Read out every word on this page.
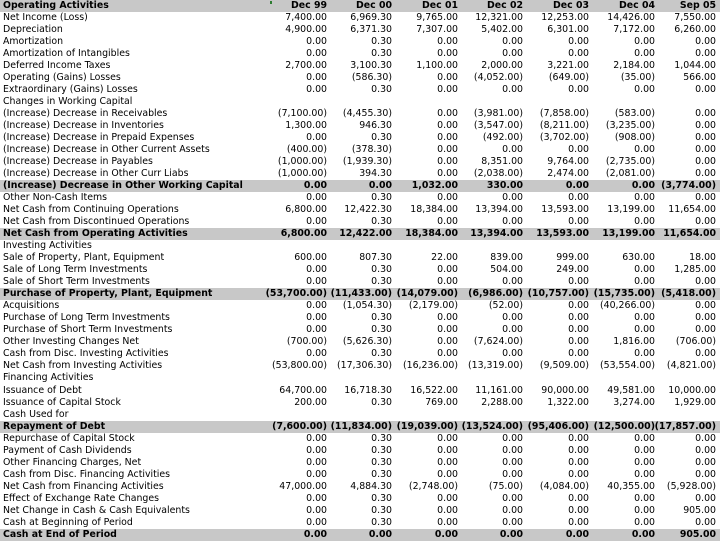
Operating Activities	Dec 99	Dec 00	Dec 01	Dec 02	Dec 03	Dec 04	Sep 05
Net Income (Loss)	7,400.00 6,969.30	9,765.00 12,321.00 12,253.00 14,426.00 7,550.00
Depreciation	4,900.00 6,371.30	7,307.00 5,402.00	6,301.00	7,172.00 6,260.00
Amortization	0.00	0.30	0.00	0.00	0.00	0.00	0.00
Amortization of Intangibles	0.00	0.30	0.00	0.00	0.00	0.00	0.00
Deferred Income Taxes	2,700.00 3,100.30	1,100.00 2,000.00	3,221.00	2,184.00 1,044.00
Operating (Gains) Losses	0.00	(586.30)	0.00 (4,052.00)	(649.00)	(35.00)	566.00
Extraordinary (Gains) Losses	0.00	0.30	0.00	0.00	0.00	0.00	0.00
Changes in Working Capital
(Increase) Decrease in Receivables	(7,100.00) (4,455.30)	0.00 (3,981.00) (7,858.00)	(583.00)	0.00
(Increase) Decrease in Inventories	1,300.00	946.30	0.00 (3,547.00) (8,211.00) (3,235.00)	0.00
(Increase) Decrease in Prepaid Expenses	0.00	0.30	0.00	(492.00) (3,702.00)	(908.00)	0.00
(Increase) Decrease in Other Current Assets	(400.00)	(378.30)	0.00	0.00	0.00	0.00	0.00
(Increase) Decrease in Payables	(1,000.00) (1,939.30)	0.00 8,351.00	9,764.00 (2,735.00)	0.00
(Increase) Decrease in Other Curr Liabs	(1,000.00)	394.30	0.00 (2,038.00)	2,474.00 (2,081.00)	0.00
(Increase) Decrease in Other Working Capital	0.00	0.00 1,032.00	330.00	0.00	0.00 (3,774.00)
Other Non-Cash Items	0.00	0.30	0.00	0.00	0.00	0.00	0.00
Net Cash from Continuing Operations	6,800.00 12,422.30 18,384.00 13,394.00 13,593.00 13,199.00 11,654.00
Net Cash from Discontinued Operations	0.00	0.30	0.00	0.00	0.00	0.00	0.00
Net Cash from Operating Activities	6,800.00 12,422.00 18,384.00 13,394.00 13,593.00 13,199.00 11,654.00
Investing Activities
Sale of Property, Plant, Equipment	600.00	807.30	22.00	839.00	999.00	630.00	18.00
Sale of Long Term Investments	0.00	0.30	0.00	504.00	249.00	0.00 1,285.00
Sale of Short Term Investments	0.00	0.30	0.00	0.00	0.00	0.00	0.00
Purchase of Property, Plant, Equipment	(53,700.00) (11,433.00) (14,079.00) (6,986.00) (10,757.00) (15,735.00) (5,418.00)
Acquisitions	0.00 (1,054.30) (2,179.00)	(52.00)	0.00 (40,266.00)	0.00
Purchase of Long Term Investments	0.00	0.30	0.00	0.00	0.00	0.00	0.00
Purchase of Short Term Investments	0.00	0.30	0.00	0.00	0.00	0.00	0.00
Other Investing Changes Net	(700.00) (5,626.30)	0.00 (7,624.00)	0.00	1,816.00 (706.00)
Cash from Disc. Investing Activities	0.00	0.30	0.00	0.00	0.00	0.00	0.00
Net Cash from Investing Activities	(53,800.00) (17,306.30) (16,236.00) (13,319.00) (9,509.00) (53,554.00) (4,821.00)
Financing Activities
Issuance of Debt	64,700.00 16,718.30 16,522.00 11,161.00 90,000.00 49,581.00 10,000.00
Issuance of Capital Stock	200.00	0.30	769.00 2,288.00	1,322.00	3,274.00 1,929.00
Cash Used for
Repayment of Debt	(7,600.00) (11,834.00) (19,039.00) (13,524.00) (95,406.00) (12,500.00) (17,857.00)
Repurchase of Capital Stock	0.00	0.30	0.00	0.00	0.00	0.00	0.00
Payment of Cash Dividends	0.00	0.30	0.00	0.00	0.00	0.00	0.00
Other Financing Charges, Net	0.00	0.30	0.00	0.00	0.00	0.00	0.00
Cash from Disc. Financing Activities	0.00	0.30	0.00	0.00	0.00	0.00	0.00
Net Cash from Financing Activities	47,000.00 4,884.30 (2,748.00)	(75.00) (4,084.00) 40,355.00 (5,928.00)
Effect of Exchange Rate Changes	0.00	0.30	0.00	0.00	0.00	0.00	0.00
Net Change in Cash & Cash Equivalents	0.00	0.30	0.00	0.00	0.00	0.00	905.00
Cash at Beginning of Period	0.00	0.30	0.00	0.00	0.00	0.00	0.00
Cash at End of Period	0.00	0.00	0.00	0.00	0.00	0.00	905.00
